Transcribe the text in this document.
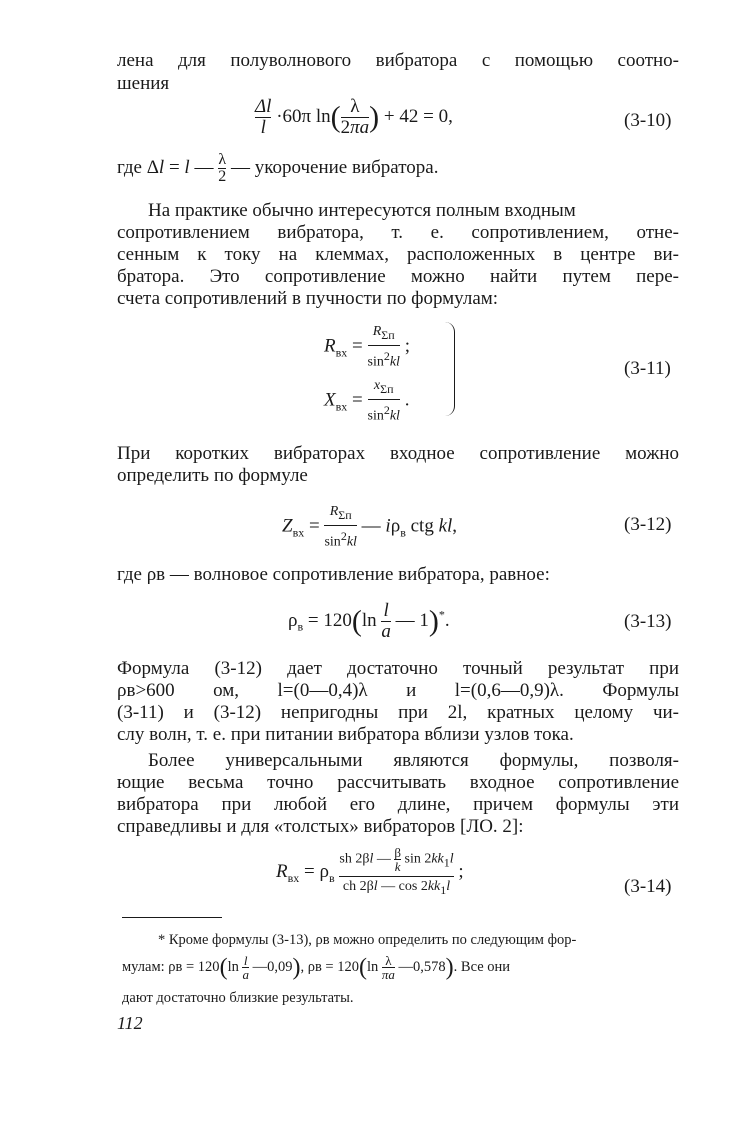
лена для полуволнового вибратора с помощью соотно-
шения
$\frac{\Delta l}{l} \cdot 60\pi$ $\ln( \frac{\lambda}{2\pi a}$ ) + 42 = 0,	(3-10)
где Δl = l — $\frac{\lambda}{2}$ — укорочение вибратора.
На практике обычно интересуются полным входным
сопротивлением вибратора, т. е. сопротивлением, отне-
сенным к току на клеммах, расположенных в центре ви-
братора. Это сопротивление можно найти путем пере-
счета сопротивлений в пучности по формулам:
$R_{вх} = \frac{R_{\Sigma п}}{\sin^2kl}$ ;
$X_{вх} = \frac{x_{\Sigma п}}{\sin^2kl}$ .
(3-11)
При коротких вибраторах входное сопротивление можно
определить по формуле
$Z_{вх} = \frac{R_{\Sigma п}}{\sin^2kl}$ — $i\rho_в$ ctg kl,	(3-12)
где ρв — волновое сопротивление вибратора, равное:
$\rho_в = 120(\ln \frac{l}{a}$ — 1)*.	(3-13)
Формула (3-12) дает достаточно точный результат при
ρв>600 ом, l=(0—0,4)λ и l=(0,6—0,9)λ. Формулы
(3-11) и (3-12) непригодны при 2l, кратных целому чи-
слу волн, т. е. при питании вибратора вблизи узлов тока.
Более универсальными являются формулы, позволя-
ющие весьма точно рассчитывать входное сопротивление
вибратора при любой его длине, причем формулы эти
справедливы и для «толстых» вибраторов [ЛО. 2]:
$R_{вх} = \rho_в \frac{sh 2\beta l — \frac{\beta}{k} \sin 2kk_1l}{ch 2\beta l — \cos 2kk_1l}$ ;
(3-14)
* Кроме формулы (3-13), ρв можно определить по следующим фор-
мулам: $\rho в = 120(\ln \frac{l}{a}$ —0,09), $\rho в = 120(\ln \frac{\lambda}{\pi a}$ —0,578). Все они
дают достаточно близкие результаты.
112
